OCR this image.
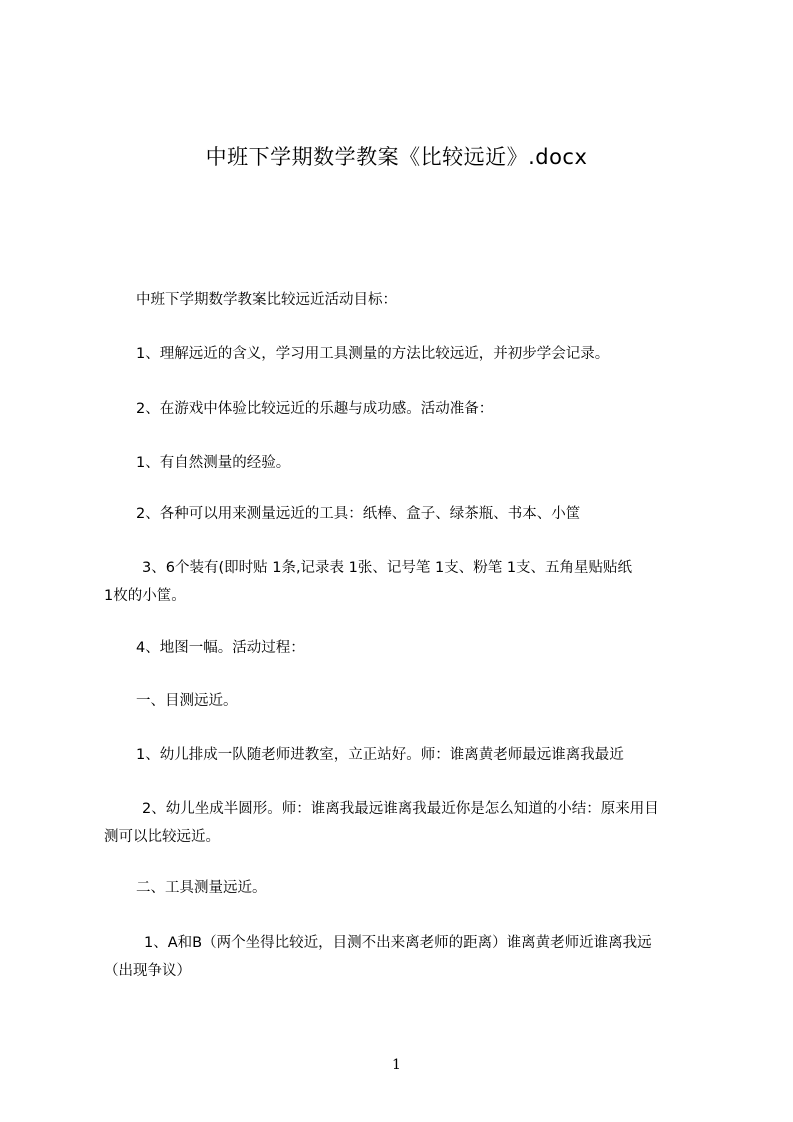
中班下学期数学教案《比较远近》.docx
中班下学期数学教案比较远近活动目标：
1、理解远近的含义，学习用工具测量的方法比较远近，并初步学会记录。
2、在游戏中体验比较远近的乐趣与成功感。活动准备：
1、有自然测量的经验。
2、各种可以用来测量远近的工具：纸棒、盒子、绿茶瓶、书本、小筐
3、6个装有(即时贴 1条,记录表 1张、记号笔 1支、粉笔 1支、五角星贴贴纸
1枚的小筐。
4、地图一幅。活动过程：
一、目测远近。
1、幼儿排成一队随老师进教室，立正站好。师：谁离黄老师最远谁离我最近
2、幼儿坐成半圆形。师：谁离我最远谁离我最近你是怎么知道的小结：原来用目
测可以比较远近。
二、工具测量远近。
1、A和B（两个坐得比较近，目测不出来离老师的距离）谁离黄老师近谁离我远
（出现争议）
1
